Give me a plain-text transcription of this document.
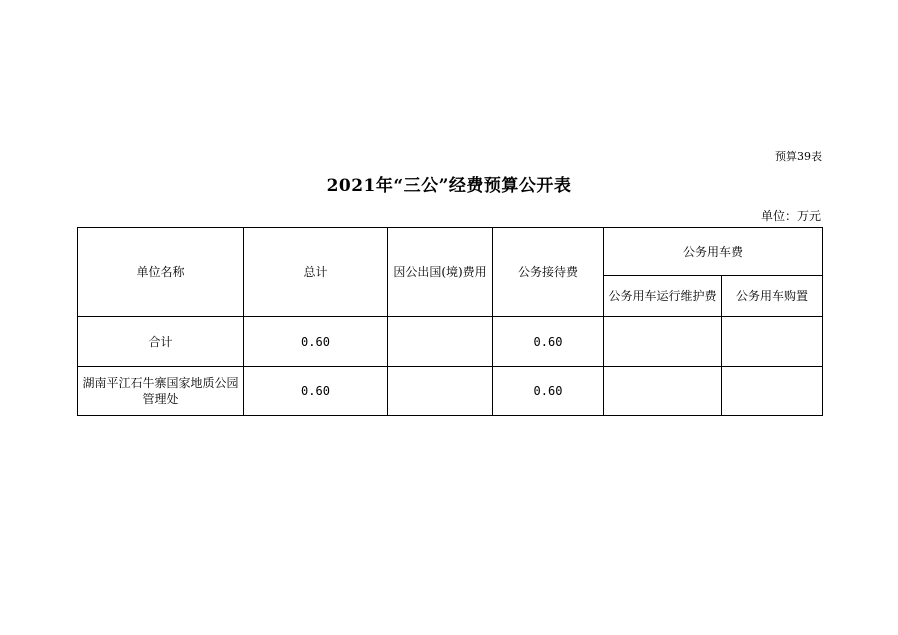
预算39表
2021年“三公”经费预算公开表
单位：万元
单位名称	总计	因公出国(境)费用	公务接待费	公务用车费	
				公务用车运行维护费	公务用车购置
合计	0.60		0.60		
湖南平江石牛寨国家地质公园管理处	0.60		0.60		
